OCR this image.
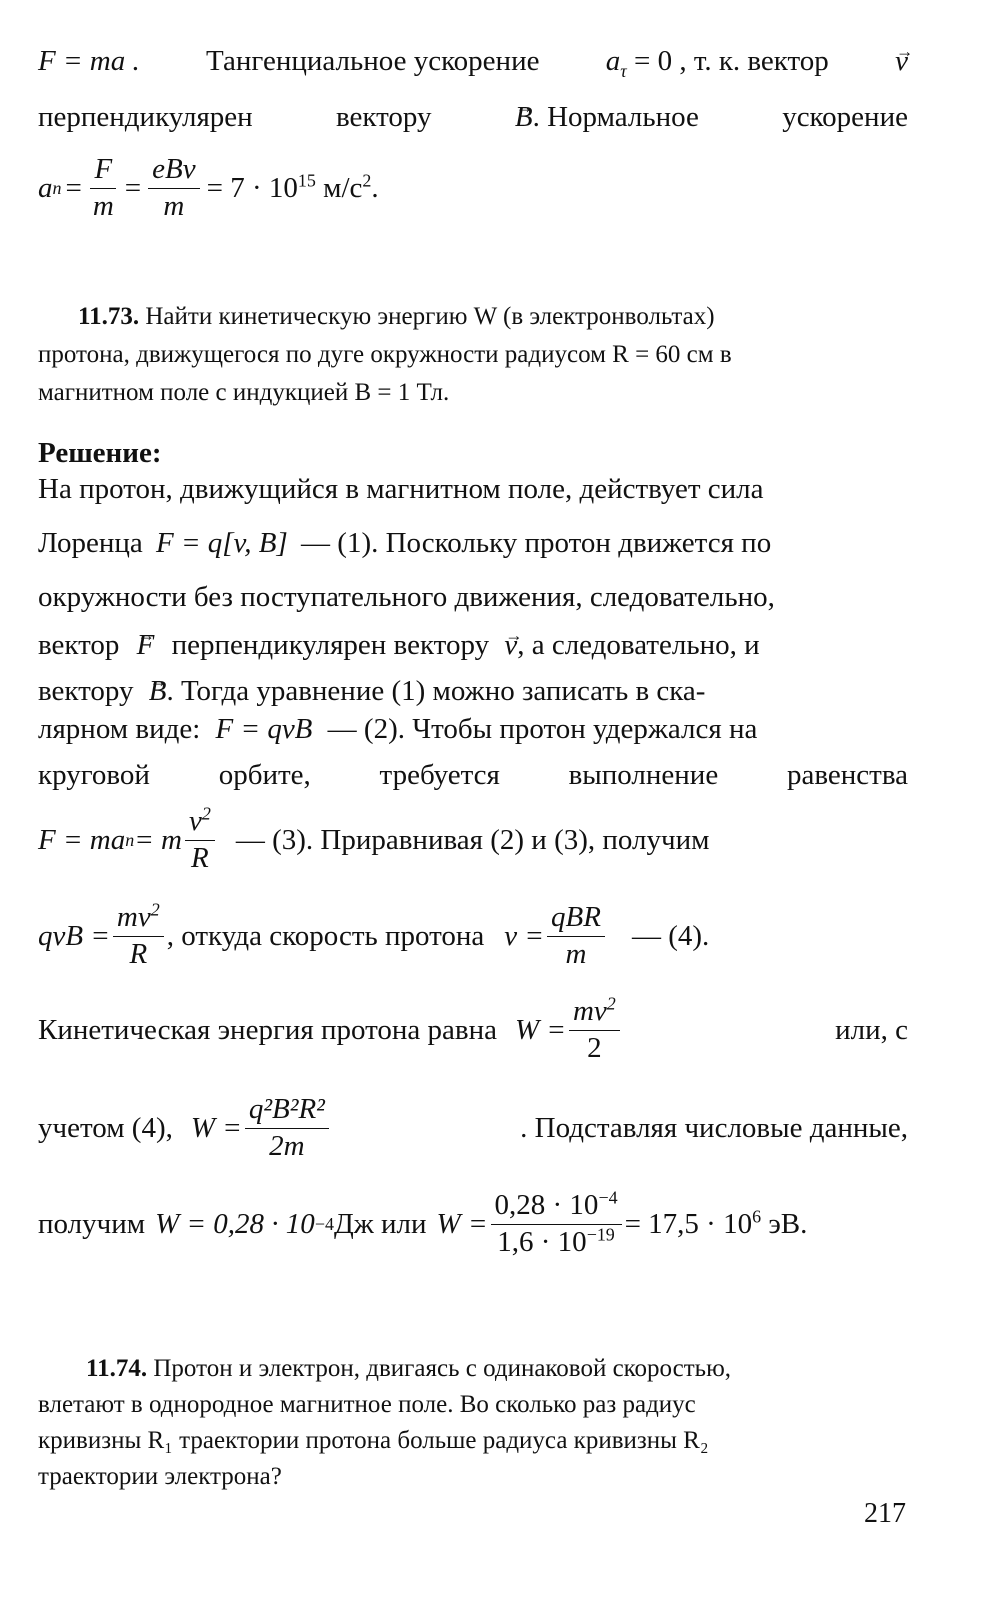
F = ma . Тангенциальное ускорение $a_\tau = 0$ , т. к. вектор → v
перпендикулярен	вектору	→ B. Нормальное	ускорение
a $n = \frac{F}{m} = \frac{\text{eBv}}{m} = 7 \cdot 10^{15}$ $м/с^2$.
11.73. Найти кинетическую энергию W (в электронвольтах)
протона, движущегося по дуге окружности радиусом R = 60 см в
магнитном поле с индукцией B = 1 Тл.
Решение:
На протон, движущийся в магнитном поле, действует сила
Лоренца F = q[v, B] — (1). Поскольку протон движется по
окружности без поступательного движения, следовательно,
вектор → F перпендикулярен вектору → v, а следовательно, и
вектору → B. Тогда уравнение (1) можно записать в ска-
лярном виде: F = qvB — (2). Чтобы протон удержался на
круговой орбите, требуется выполнение равенства
F = ma n = m $\frac{v^2}{R}$ — (3). Приравнивая (2) и (3), получим
qvB = $\frac{mv^2}{R}$ , откуда скорость протона $v = \frac{\text{qBR}}{m}$ — (4).
Кинетическая энергия протона равна $W = \frac{mv^2}{2}$	или, с
учетом (4), $W = \frac{\text{q²B²R²}}{2m}$	. Подставляя числовые данные,
получим W = 0,28 · 10 −4 Дж или $W = \frac{0,28 \cdot 10^{-4}}{1,6 \cdot 10^{-19}} = 17,5 \cdot 10^6$ эВ.
11.74. Протон и электрон, двигаясь с одинаковой скоростью,
влетают в однородное магнитное поле. Во сколько раз радиус
кривизны R₁ траектории протона больше радиуса кривизны R₂
траектории электрона?
217
